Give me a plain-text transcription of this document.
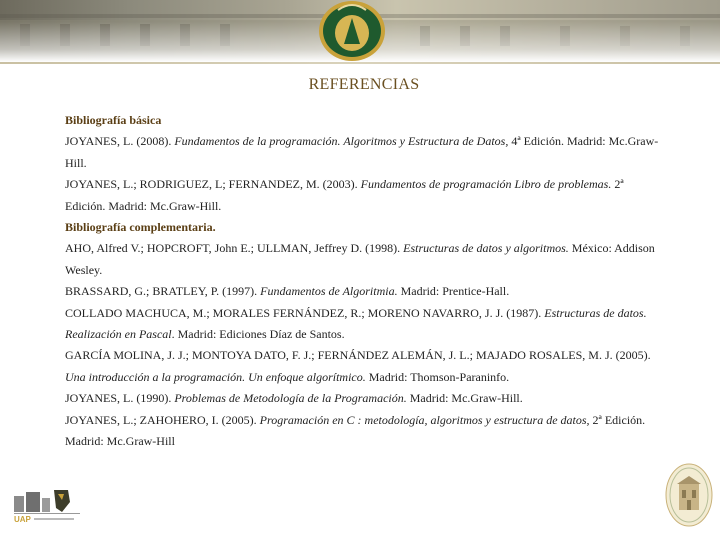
REFERENCIAS

Bibliografía básica

JOYANES, L. (2008). Fundamentos de la programación. Algoritmos y Estructura de Datos, 4ª Edición. Madrid: Mc.Graw-Hill.

JOYANES, L.; RODRIGUEZ, L; FERNANDEZ, M. (2003). Fundamentos de programación Libro de problemas. 2ª Edición. Madrid: Mc.Graw-Hill.

Bibliografía complementaria.

AHO, Alfred V.; HOPCROFT, John E.; ULLMAN, Jeffrey D. (1998). Estructuras de datos y algoritmos. México: Addison Wesley.

BRASSARD, G.; BRATLEY, P. (1997). Fundamentos de Algoritmia. Madrid: Prentice-Hall.

COLLADO MACHUCA, M.; MORALES FERNÁNDEZ, R.; MORENO NAVARRO, J. J. (1987). Estructuras de datos. Realización en Pascal. Madrid: Ediciones Díaz de Santos.

GARCÍA MOLINA, J. J.; MONTOYA DATO, F. J.; FERNÁNDEZ ALEMÁN, J. L.; MAJADO ROSALES, M. J. (2005). Una introducción a la programación. Un enfoque algorítmico. Madrid: Thomson-Paraninfo.

JOYANES, L. (1990). Problemas de Metodología de la Programación. Madrid: Mc.Graw-Hill.

JOYANES, L.; ZAHOHERO, I. (2005). Programación en C : metodología, algoritmos y estructura de datos, 2ª Edición. Madrid: Mc.Graw-Hill

UAP
